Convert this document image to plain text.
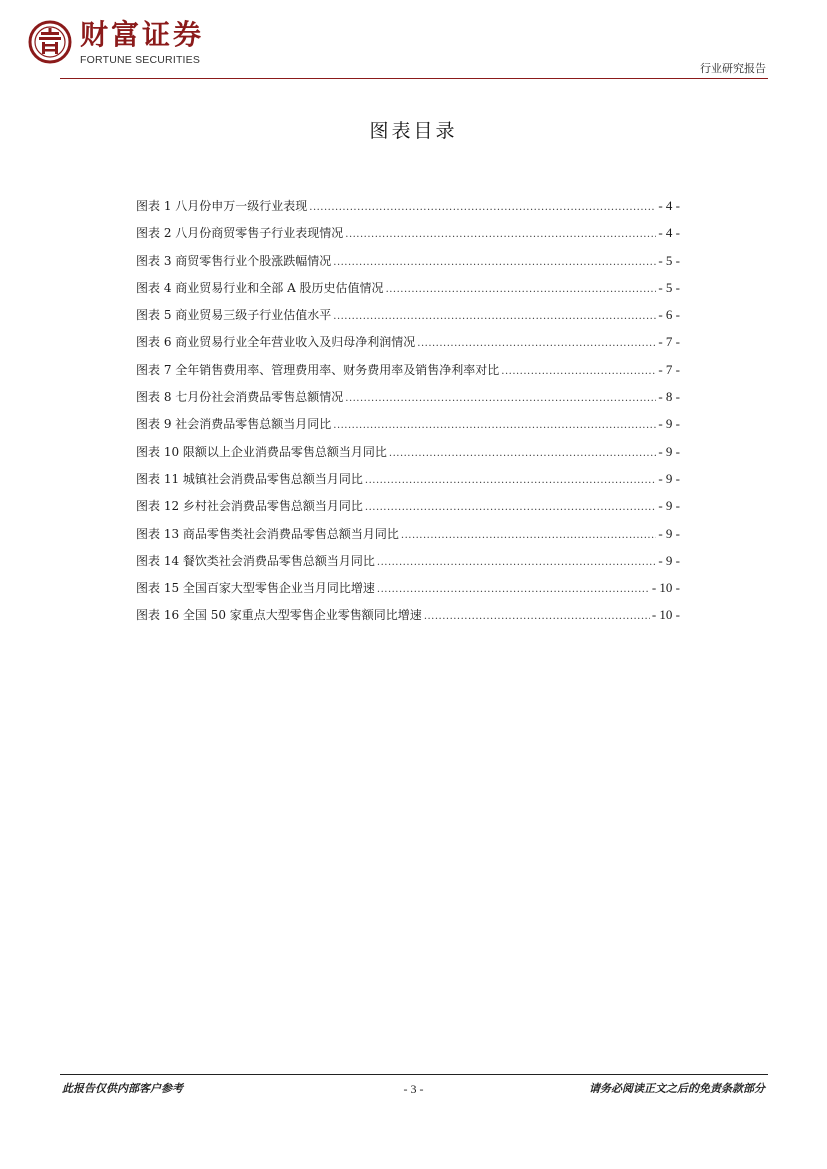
财富证券
FORTUNE SECURITIES
行业研究报告
图表目录
图表 1 八月份申万一级行业表现 .....	- 4 -
图表 2 八月份商贸零售子行业表现情况 .....	- 4 -
图表 3 商贸零售行业个股涨跌幅情况 .....	- 5 -
图表 4 商业贸易行业和全部 A 股历史估值情况 .....	- 5 -
图表 5 商业贸易三级子行业估值水平 .....	- 6 -
图表 6 商业贸易行业全年营业收入及归母净利润情况 .....	- 7 -
图表 7 全年销售费用率、管理费用率、财务费用率及销售净利率对比 .....	- 7 -
图表 8 七月份社会消费品零售总额情况 .....	- 8 -
图表 9 社会消费品零售总额当月同比 .....	- 9 -
图表 10 限额以上企业消费品零售总额当月同比 .....	- 9 -
图表 11 城镇社会消费品零售总额当月同比 .....	- 9 -
图表 12 乡村社会消费品零售总额当月同比 .....	- 9 -
图表 13 商品零售类社会消费品零售总额当月同比 .....	- 9 -
图表 14 餐饮类社会消费品零售总额当月同比 .....	- 9 -
图表 15 全国百家大型零售企业当月同比增速 .....	- 10 -
图表 16 全国 50 家重点大型零售企业零售额同比增速 .....	- 10 -
此报告仅供内部客户参考	- 3 -	请务必阅读正文之后的免责条款部分
